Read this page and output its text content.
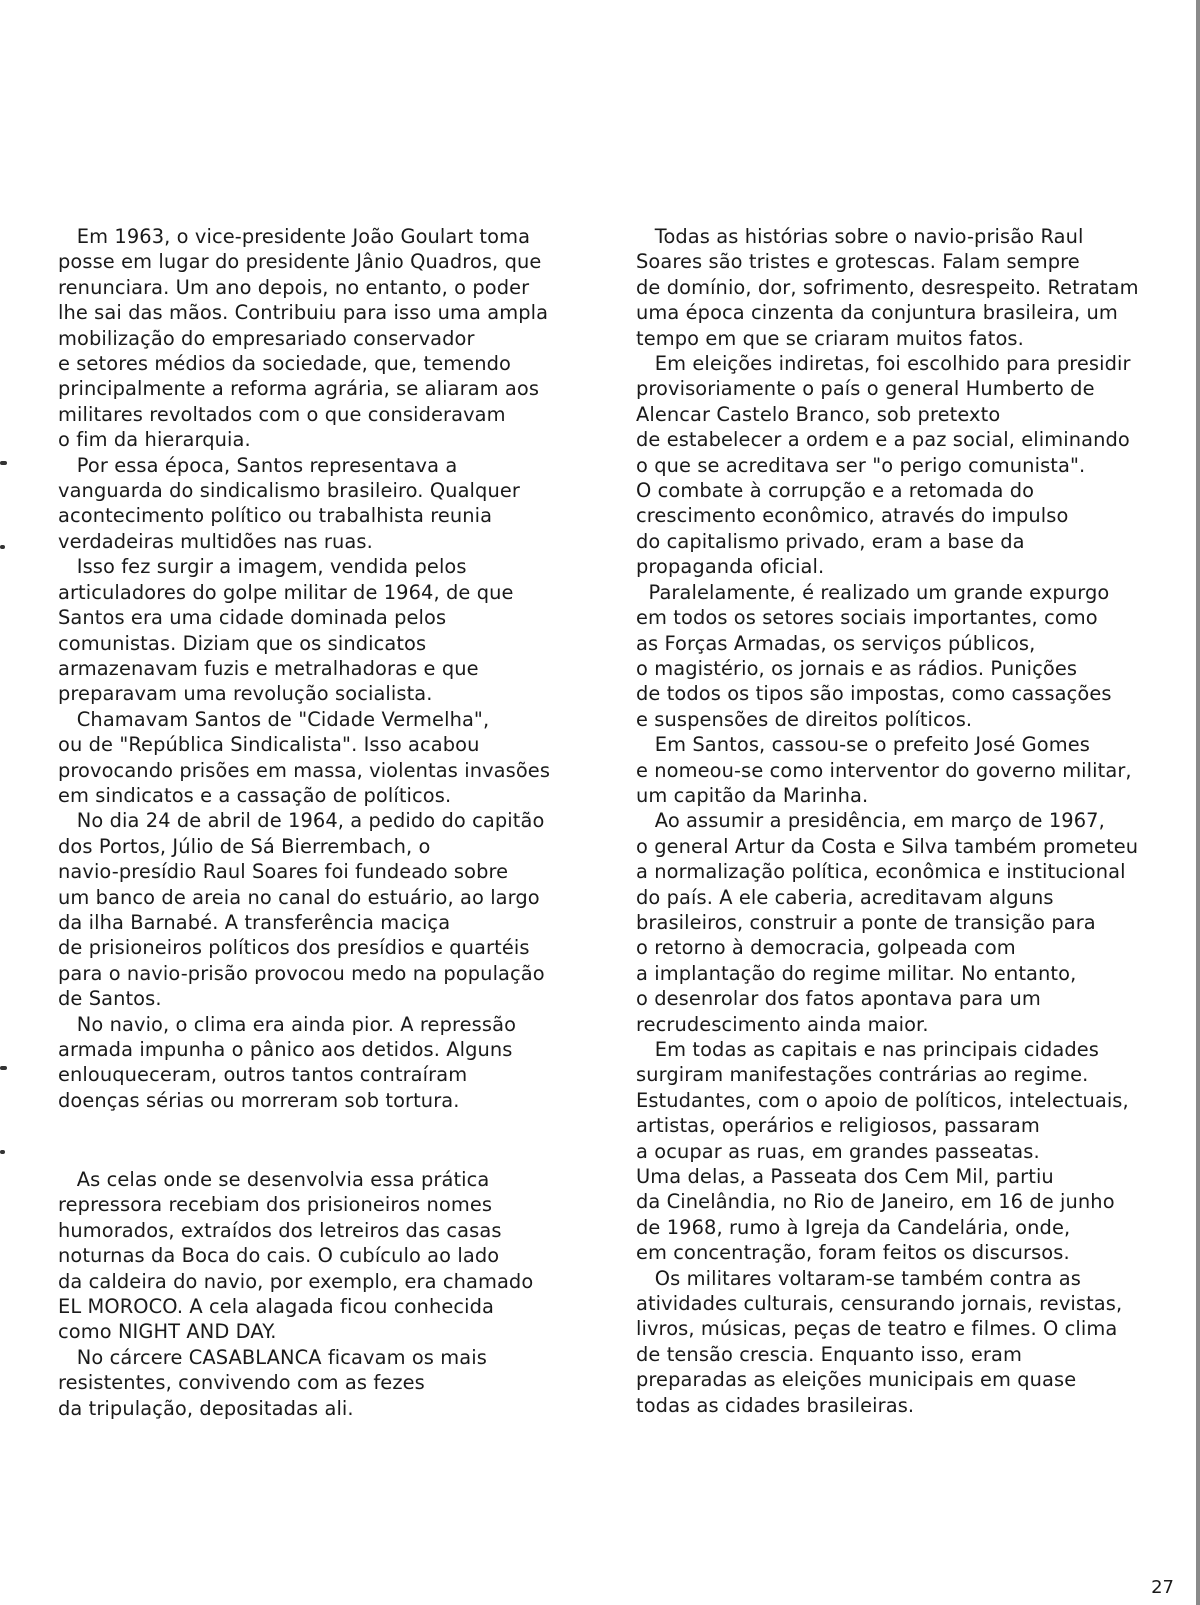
Em 1963, o vice-presidente João Goulart toma
posse em lugar do presidente Jânio Quadros, que
renunciara. Um ano depois, no entanto, o poder
lhe sai das mãos. Contribuiu para isso uma ampla
mobilização do empresariado conservador
e setores médios da sociedade, que, temendo
principalmente a reforma agrária, se aliaram aos
militares revoltados com o que consideravam
o fim da hierarquia.
Por essa época, Santos representava a
vanguarda do sindicalismo brasileiro. Qualquer
acontecimento político ou trabalhista reunia
verdadeiras multidões nas ruas.
Isso fez surgir a imagem, vendida pelos
articuladores do golpe militar de 1964, de que
Santos era uma cidade dominada pelos
comunistas. Diziam que os sindicatos
armazenavam fuzis e metralhadoras e que
preparavam uma revolução socialista.
Chamavam Santos de "Cidade Vermelha",
ou de "República Sindicalista". Isso acabou
provocando prisões em massa, violentas invasões
em sindicatos e a cassação de políticos.
No dia 24 de abril de 1964, a pedido do capitão
dos Portos, Júlio de Sá Bierrembach, o
navio-presídio Raul Soares foi fundeado sobre
um banco de areia no canal do estuário, ao largo
da ilha Barnabé. A transferência maciça
de prisioneiros políticos dos presídios e quartéis
para o navio-prisão provocou medo na população
de Santos.
No navio, o clima era ainda pior. A repressão
armada impunha o pânico aos detidos. Alguns
enlouqueceram, outros tantos contraíram
doenças sérias ou morreram sob tortura.
As celas onde se desenvolvia essa prática
repressora recebiam dos prisioneiros nomes
humorados, extraídos dos letreiros das casas
noturnas da Boca do cais. O cubículo ao lado
da caldeira do navio, por exemplo, era chamado
EL MOROCO. A cela alagada ficou conhecida
como NIGHT AND DAY.
No cárcere CASABLANCA ficavam os mais
resistentes, convivendo com as fezes
da tripulação, depositadas ali.
Todas as histórias sobre o navio-prisão Raul
Soares são tristes e grotescas. Falam sempre
de domínio, dor, sofrimento, desrespeito. Retratam
uma época cinzenta da conjuntura brasileira, um
tempo em que se criaram muitos fatos.
Em eleições indiretas, foi escolhido para presidir
provisoriamente o país o general Humberto de
Alencar Castelo Branco, sob pretexto
de estabelecer a ordem e a paz social, eliminando
o que se acreditava ser "o perigo comunista".
O combate à corrupção e a retomada do
crescimento econômico, através do impulso
do capitalismo privado, eram a base da
propaganda oficial.
Paralelamente, é realizado um grande expurgo
em todos os setores sociais importantes, como
as Forças Armadas, os serviços públicos,
o magistério, os jornais e as rádios. Punições
de todos os tipos são impostas, como cassações
e suspensões de direitos políticos.
Em Santos, cassou-se o prefeito José Gomes
e nomeou-se como interventor do governo militar,
um capitão da Marinha.
Ao assumir a presidência, em março de 1967,
o general Artur da Costa e Silva também prometeu
a normalização política, econômica e institucional
do país. A ele caberia, acreditavam alguns
brasileiros, construir a ponte de transição para
o retorno à democracia, golpeada com
a implantação do regime militar. No entanto,
o desenrolar dos fatos apontava para um
recrudescimento ainda maior.
Em todas as capitais e nas principais cidades
surgiram manifestações contrárias ao regime.
Estudantes, com o apoio de políticos, intelectuais,
artistas, operários e religiosos, passaram
a ocupar as ruas, em grandes passeatas.
Uma delas, a Passeata dos Cem Mil, partiu
da Cinelândia, no Rio de Janeiro, em 16 de junho
de 1968, rumo à Igreja da Candelária, onde,
em concentração, foram feitos os discursos.
Os militares voltaram-se também contra as
atividades culturais, censurando jornais, revistas,
livros, músicas, peças de teatro e filmes. O clima
de tensão crescia. Enquanto isso, eram
preparadas as eleições municipais em quase
todas as cidades brasileiras.
27
